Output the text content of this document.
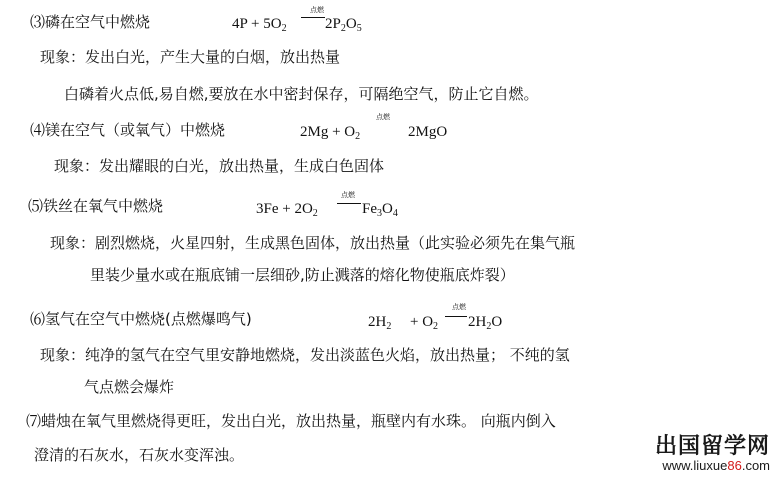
⑶磷在空气中燃烧	$4P + 5O_2$
点燃
$2P_2O_5$
现象：发出白光，产生大量的白烟，放出热量
白磷着火点低,易自燃,要放在水中密封保存，可隔绝空气，防止它自燃。
⑷镁在空气（或氧气）中燃烧	$2Mg + O_2$
点燃
2MgO
现象：发出耀眼的白光，放出热量，生成白色固体
⑸铁丝在氧气中燃烧	$3Fe + 2O_2$
点燃
$Fe_3O_4$
现象：剧烈燃烧，火星四射，生成黑色固体，放出热量（此实验必须先在集气瓶
里装少量水或在瓶底铺一层细砂,防止溅落的熔化物使瓶底炸裂）
⑹氢气在空气中燃烧(点燃爆鸣气)	$2H_2 + O_2$
点燃
$2H_2O$
现象：纯净的氢气在空气里安静地燃烧，发出淡蓝色火焰，放出热量； 不纯的氢
气点燃会爆炸
⑺蜡烛在氧气里燃烧得更旺，发出白光，放出热量，瓶壁内有水珠。 向瓶内倒入
澄清的石灰水，石灰水变浑浊。	出国留学网
www.liuxue86.com
